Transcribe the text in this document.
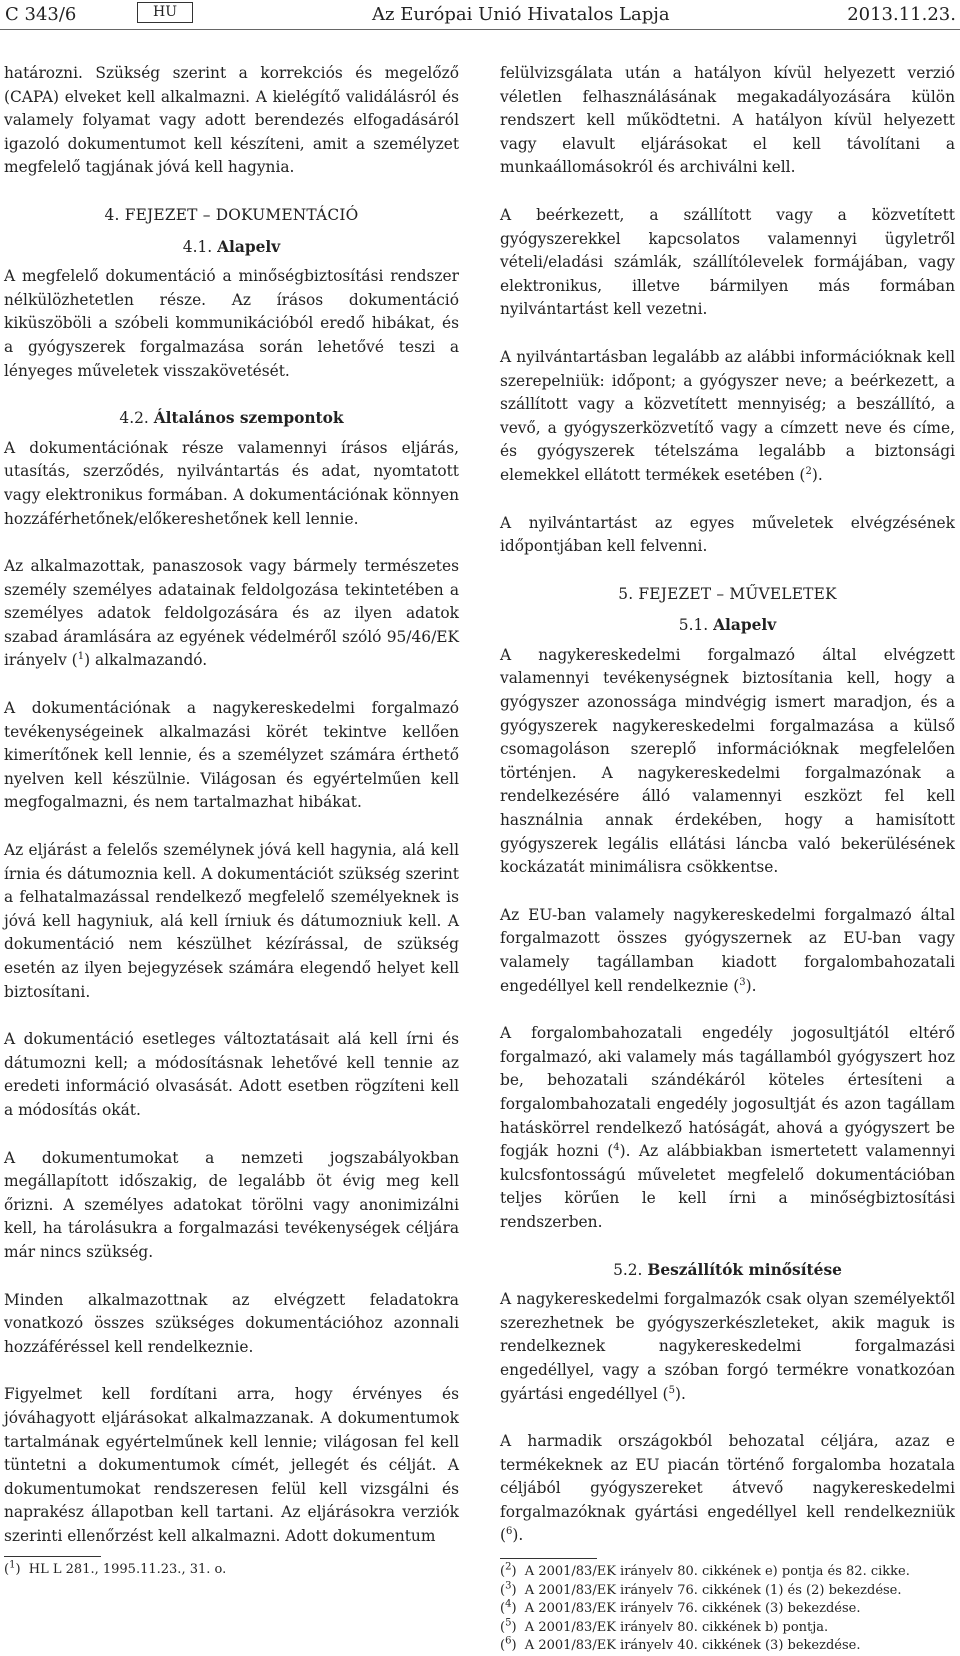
C 343/6	HU	Az Európai Unió Hivatalos Lapja	2013.11.23.

határozni. Szükség szerint a korrekciós és megelőző (CAPA) elveket kell alkalmazni. A kielégítő validálásról és valamely folyamat vagy adott berendezés elfogadásáról igazoló dokumentumot kell készíteni, amit a személyzet megfelelő tagjának jóvá kell hagynia.

4. FEJEZET – DOKUMENTÁCIÓ

4.1. Alapelv

A megfelelő dokumentáció a minőségbiztosítási rendszer nélkülözhetetlen része. Az írásos dokumentáció kiküszöböli a szóbeli kommunikációból eredő hibákat, és a gyógyszerek forgalmazása során lehetővé teszi a lényeges műveletek visszakövetését.

4.2. Általános szempontok

A dokumentációnak része valamennyi írásos eljárás, utasítás, szerződés, nyilvántartás és adat, nyomtatott vagy elektronikus formában. A dokumentációnak könnyen hozzáférhetőnek/előkereshetőnek kell lennie.

Az alkalmazottak, panaszosok vagy bármely természetes személy személyes adatainak feldolgozása tekintetében a személyes adatok feldolgozására és az ilyen adatok szabad áramlására az egyének védelméről szóló 95/46/EK irányelv ($^1$) alkalmazandó.

A dokumentációnak a nagykereskedelmi forgalmazó tevékenységeinek alkalmazási körét tekintve kellően kimerítőnek kell lennie, és a személyzet számára érthető nyelven kell készülnie. Világosan és egyértelműen kell megfogalmazni, és nem tartalmazhat hibákat.

Az eljárást a felelős személynek jóvá kell hagynia, alá kell írnia és dátumoznia kell. A dokumentációt szükség szerint a felhatalmazással rendelkező megfelelő személyeknek is jóvá kell hagyniuk, alá kell írniuk és dátumozniuk kell. A dokumentáció nem készülhet kézírással, de szükség esetén az ilyen bejegyzések számára elegendő helyet kell biztosítani.

A dokumentáció esetleges változtatásait alá kell írni és dátumozni kell; a módosításnak lehetővé kell tennie az eredeti információ olvasását. Adott esetben rögzíteni kell a módosítás okát.

A dokumentumokat a nemzeti jogszabályokban megállapított időszakig, de legalább öt évig meg kell őrizni. A személyes adatokat törölni vagy anonimizálni kell, ha tárolásukra a forgalmazási tevékenységek céljára már nincs szükség.

Minden alkalmazottnak az elvégzett feladatokra vonatkozó összes szükséges dokumentációhoz azonnali hozzáféréssel kell rendelkeznie.

Figyelmet kell fordítani arra, hogy érvényes és jóváhagyott eljárásokat alkalmazzanak. A dokumentumok tartalmának egyértelműnek kell lennie; világosan fel kell tüntetni a dokumentumok címét, jellegét és célját. A dokumentumokat rendszeresen felül kell vizsgálni és naprakész állapotban kell tartani. Az eljárásokra verziók szerinti ellenőrzést kell alkalmazni. Adott dokumentum

($^1$)  HL L 281., 1995.11.23., 31. o.

felülvizsgálata után a hatályon kívül helyezett verzió véletlen felhasználásának megakadályozására külön rendszert kell működtetni. A hatályon kívül helyezett vagy elavult eljárásokat el kell távolítani a munkaállomásokról és archiválni kell.

A beérkezett, a szállított vagy a közvetített gyógyszerekkel kapcsolatos valamennyi ügyletről vételi/eladási számlák, szállítólevelek formájában, vagy elektronikus, illetve bármilyen más formában nyilvántartást kell vezetni.

A nyilvántartásban legalább az alábbi információknak kell szerepelniük: időpont; a gyógyszer neve; a beérkezett, a szállított vagy a közvetített mennyiség; a beszállító, a vevő, a gyógyszerközvetítő vagy a címzett neve és címe, és gyógyszerek tételszáma legalább a biztonsági elemekkel ellátott termékek esetében ($^2$).

A nyilvántartást az egyes műveletek elvégzésének időpontjában kell felvenni.

5. FEJEZET – MŰVELETEK

5.1. Alapelv

A nagykereskedelmi forgalmazó által elvégzett valamennyi tevékenységnek biztosítania kell, hogy a gyógyszer azonossága mindvégig ismert maradjon, és a gyógyszerek nagykereskedelmi forgalmazása a külső csomagoláson szereplő információknak megfelelően történjen. A nagykereskedelmi forgalmazónak a rendelkezésére álló valamennyi eszközt fel kell használnia annak érdekében, hogy a hamisított gyógyszerek legális ellátási láncba való bekerülésének kockázatát minimálisra csökkentse.

Az EU-ban valamely nagykereskedelmi forgalmazó által forgalmazott összes gyógyszernek az EU-ban vagy valamely tagállamban kiadott forgalombahozatali engedéllyel kell rendelkeznie ($^3$).

A forgalombahozatali engedély jogosultjától eltérő forgalmazó, aki valamely más tagállamból gyógyszert hoz be, behozatali szándékáról köteles értesíteni a forgalombahozatali engedély jogosultját és azon tagállam hatáskörrel rendelkező hatóságát, ahová a gyógyszert be fogják hozni ($^4$). Az alábbiakban ismertetett valamennyi kulcsfontosságú műveletet megfelelő dokumentációban teljes körűen le kell írni a minőségbiztosítási rendszerben.

5.2. Beszállítók minősítése

A nagykereskedelmi forgalmazók csak olyan személyektől szerezhetnek be gyógyszerkészleteket, akik maguk is rendelkeznek nagykereskedelmi forgalmazási engedéllyel, vagy a szóban forgó termékre vonatkozóan gyártási engedéllyel ($^5$).

A harmadik országokból behozatal céljára, azaz e termékeknek az EU piacán történő forgalomba hozatala céljából gyógyszereket átvevő nagykereskedelmi forgalmazóknak gyártási engedéllyel kell rendelkezniük ($^6$).

($^2$)  A 2001/83/EK irányelv 80. cikkének e) pontja és 82. cikke.

($^3$)  A 2001/83/EK irányelv 76. cikkének (1) és (2) bekezdése.

($^4$)  A 2001/83/EK irányelv 76. cikkének (3) bekezdése.

($^5$)  A 2001/83/EK irányelv 80. cikkének b) pontja.

($^6$)  A 2001/83/EK irányelv 40. cikkének (3) bekezdése.
